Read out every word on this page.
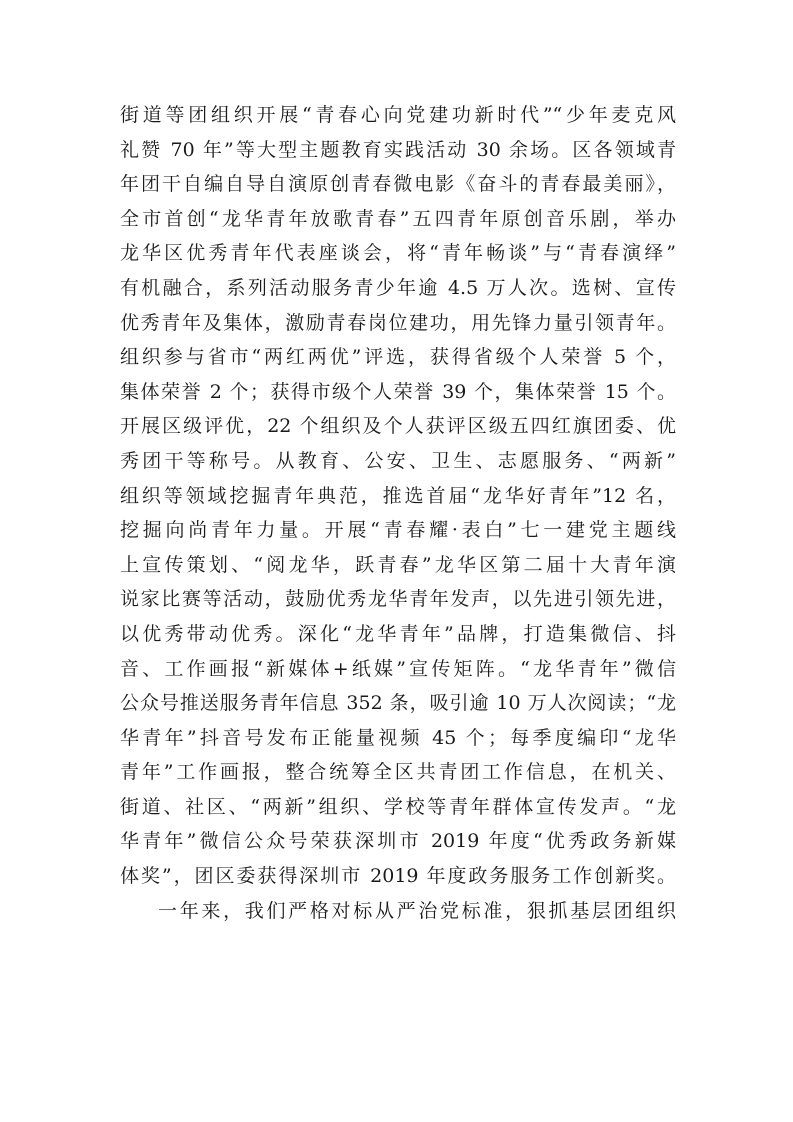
街道等团组织开展“青春心向党建功新时代”“少年麦克风
礼赞 70 年”等大型主题教育实践活动 30 余场。区各领域青
年团干自编自导自演原创青春微电影《奋斗的青春最美丽》，
全市首创“龙华青年放歌青春”五四青年原创音乐剧，举办
龙华区优秀青年代表座谈会，将“青年畅谈”与“青春演绎”
有机融合，系列活动服务青少年逾 4.5 万人次。选树、宣传
优秀青年及集体，激励青春岗位建功，用先锋力量引领青年。
组织参与省市“两红两优”评选，获得省级个人荣誉 5 个，
集体荣誉 2 个；获得市级个人荣誉 39 个，集体荣誉 15 个。
开展区级评优，22 个组织及个人获评区级五四红旗团委、优
秀团干等称号。从教育、公安、卫生、志愿服务、“两新”
组织等领域挖掘青年典范，推选首届“龙华好青年”12 名，
挖掘向尚青年力量。开展“青春耀·表白”七一建党主题线
上宣传策划、“阅龙华，跃青春”龙华区第二届十大青年演
说家比赛等活动，鼓励优秀龙华青年发声，以先进引领先进，
以优秀带动优秀。深化“龙华青年”品牌，打造集微信、抖
音、工作画报“新媒体+纸媒”宣传矩阵。“龙华青年”微信
公众号推送服务青年信息 352 条，吸引逾 10 万人次阅读；“龙
华青年”抖音号发布正能量视频 45 个；每季度编印“龙华
青年”工作画报，整合统筹全区共青团工作信息，在机关、
街道、社区、“两新”组织、学校等青年群体宣传发声。“龙
华青年”微信公众号荣获深圳市 2019 年度“优秀政务新媒
体奖”，团区委获得深圳市 2019 年度政务服务工作创新奖。
一年来，我们严格对标从严治党标准，狠抓基层团组织
